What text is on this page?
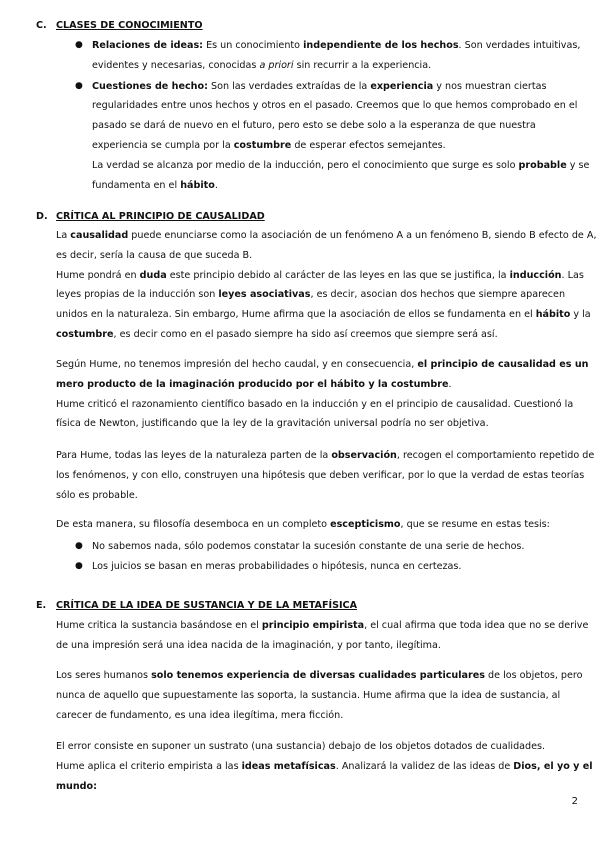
C. CLASES DE CONOCIMIENTO
● Relaciones de ideas: Es un conocimiento independiente de los hechos. Son verdades intuitivas,
evidentes y necesarias, conocidas a priori sin recurrir a la experiencia.
● Cuestiones de hecho: Son las verdades extraídas de la experiencia y nos muestran ciertas
regularidades entre unos hechos y otros en el pasado. Creemos que lo que hemos comprobado en el
pasado se dará de nuevo en el futuro, pero esto se debe solo a la esperanza de que nuestra
experiencia se cumpla por la costumbre de esperar efectos semejantes.
La verdad se alcanza por medio de la inducción, pero el conocimiento que surge es solo probable y se
fundamenta en el hábito.
D. CRÍTICA AL PRINCIPIO DE CAUSALIDAD
La causalidad puede enunciarse como la asociación de un fenómeno A a un fenómeno B, siendo B efecto de A,
es decir, sería la causa de que suceda B.
Hume pondrá en duda este principio debido al carácter de las leyes en las que se justifica, la inducción. Las
leyes propias de la inducción son leyes asociativas, es decir, asocian dos hechos que siempre aparecen
unidos en la naturaleza. Sin embargo, Hume afirma que la asociación de ellos se fundamenta en el hábito y la
costumbre, es decir como en el pasado siempre ha sido así creemos que siempre será así.
Según Hume, no tenemos impresión del hecho caudal, y en consecuencia, el principio de causalidad es un
mero producto de la imaginación producido por el hábito y la costumbre.
Hume criticó el razonamiento científico basado en la inducción y en el principio de causalidad. Cuestionó la
física de Newton, justificando que la ley de la gravitación universal podría no ser objetiva.
Para Hume, todas las leyes de la naturaleza parten de la observación, recogen el comportamiento repetido de
los fenómenos, y con ello, construyen una hipótesis que deben verificar, por lo que la verdad de estas teorías
sólo es probable.
De esta manera, su filosofía desemboca en un completo escepticismo, que se resume en estas tesis:
● No sabemos nada, sólo podemos constatar la sucesión constante de una serie de hechos.
● Los juicios se basan en meras probabilidades o hipótesis, nunca en certezas.
E. CRÍTICA DE LA IDEA DE SUSTANCIA Y DE LA METAFÍSICA
Hume critica la sustancia basándose en el principio empirista, el cual afirma que toda idea que no se derive
de una impresión será una idea nacida de la imaginación, y por tanto, ilegítima.
Los seres humanos solo tenemos experiencia de diversas cualidades particulares de los objetos, pero
nunca de aquello que supuestamente las soporta, la sustancia. Hume afirma que la idea de sustancia, al
carecer de fundamento, es una idea ilegítima, mera ficción.
El error consiste en suponer un sustrato (una sustancia) debajo de los objetos dotados de cualidades.
Hume aplica el criterio empirista a las ideas metafísicas. Analizará la validez de las ideas de Dios, el yo y el
mundo:
2
